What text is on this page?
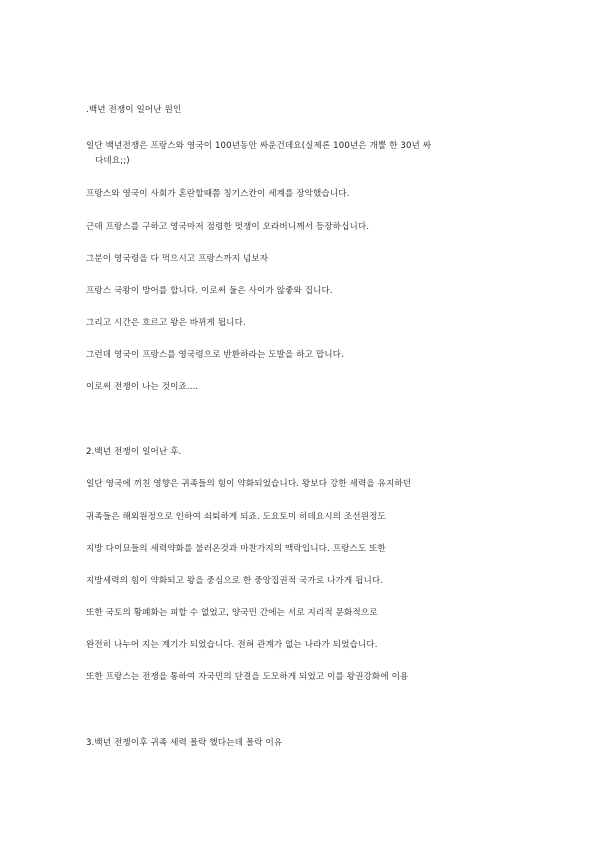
.백년 전쟁이 일어난 원인
일단 백년전쟁은 프랑스와 영국이 100년동안 싸운건데요(실제론 100년은 개뿔 한 30년 싸
다네요;;)
프랑스와 영국이 사회가 혼란할때쯤 칭기스칸이 세계를 장악했습니다.
근데 프랑스를 구하고 영국마저 점령한 멋쟁이 오라버니께서 등장하십니다.
그분이 영국령을 다 먹으시고 프랑스까지 넘보자
프랑스 국왕이 방어를 합니다. 이로써 둘은 사이가 않좋와 집니다.
그리고 시간은 흐르고 왕은 바뀌게 됩니다.
그런데 영국이 프랑스를 영국령으로 반환하라는 도발을 하고 맙니다.
이로써 전쟁이 나는 것이죠....
2.백년 전쟁이 일어난 후.
일단 영국에 끼친 영향은 귀족들의 힘이 약화되었습니다. 왕보다 강한 세력을 유지하던
귀족들은 해외원정으로 인하여 쇠퇴하게 되죠. 도요토미 히데요시의 조선원정도
지방 다이묘들의 세력약화를 불러온것과 마찬가지의 맥락입니다. 프랑스도 또한
지방세력의 힘이 약화되고 왕을 중심으로 한 중앙집권적 국가로 나가게 됩니다.
또한 국토의 황폐화는 피할 수 없었고, 양국민 간에는 서로 지리적 문화적으로
완전히 나누어 지는 계기가 되었습니다. 전혀 관계가 없는 나라가 되었습니다.
또한 프랑스는 전쟁을 통하여 자국민의 단결을 도모하게 되었고 이를 왕권강화에 이용
3.백년 전쟁이후 귀족 세력 몰락 했다는데 몰락 이유
